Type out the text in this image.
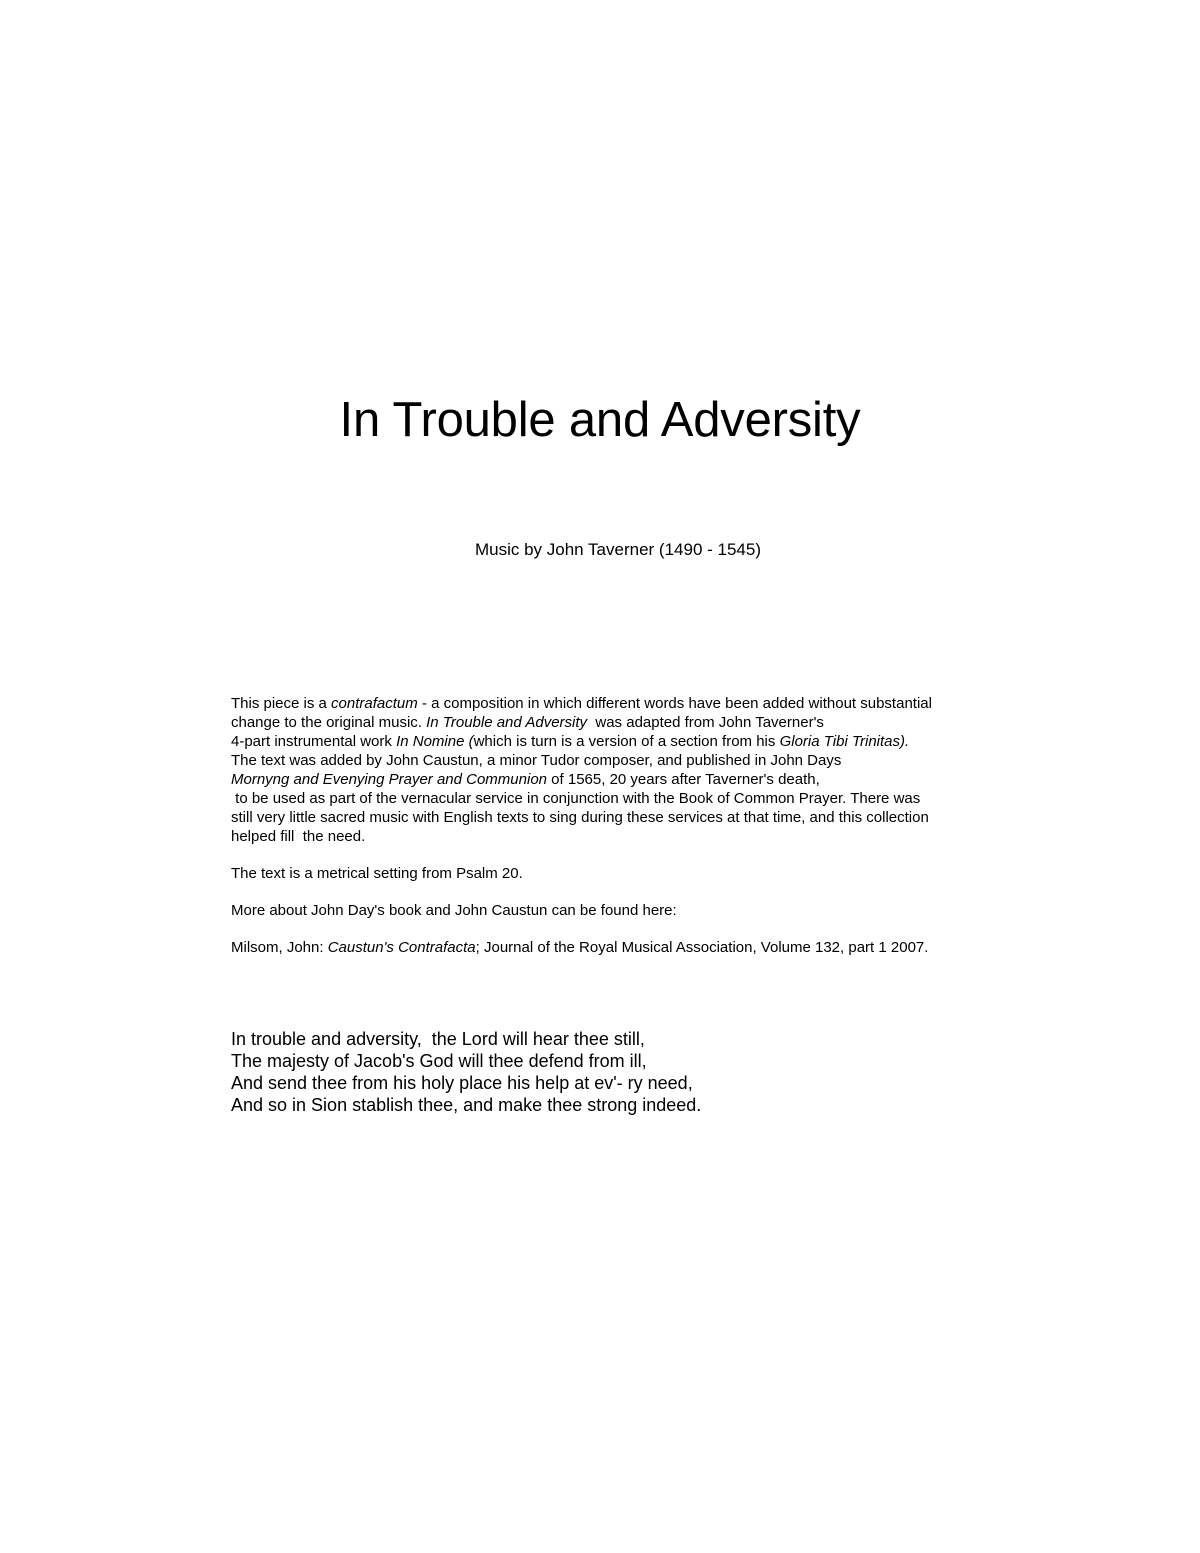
In Trouble and Adversity

Music by John Taverner (1490 - 1545)

This piece is a contrafactum - a composition in which different words have been added without substantial
change to the original music. In Trouble and Adversity  was adapted from John Taverner's
4-part instrumental work In Nomine (which is turn is a version of a section from his Gloria Tibi Trinitas).
The text was added by John Caustun, a minor Tudor composer, and published in John Days
Mornyng and Evenying Prayer and Communion of 1565, 20 years after Taverner's death,
to be used as part of the vernacular service in conjunction with the Book of Common Prayer. There was
still very little sacred music with English texts to sing during these services at that time, and this collection
helped fill  the need.
The text is a metrical setting from Psalm 20.
More about John Day's book and John Caustun can be found here:
Milsom, John: Caustun's Contrafacta; Journal of the Royal Musical Association, Volume 132, part 1 2007.
In trouble and adversity,  the Lord will hear thee still,
The majesty of Jacob's God will thee defend from ill,
And send thee from his holy place his help at ev'- ry need,
And so in Sion stablish thee, and make thee strong indeed.
